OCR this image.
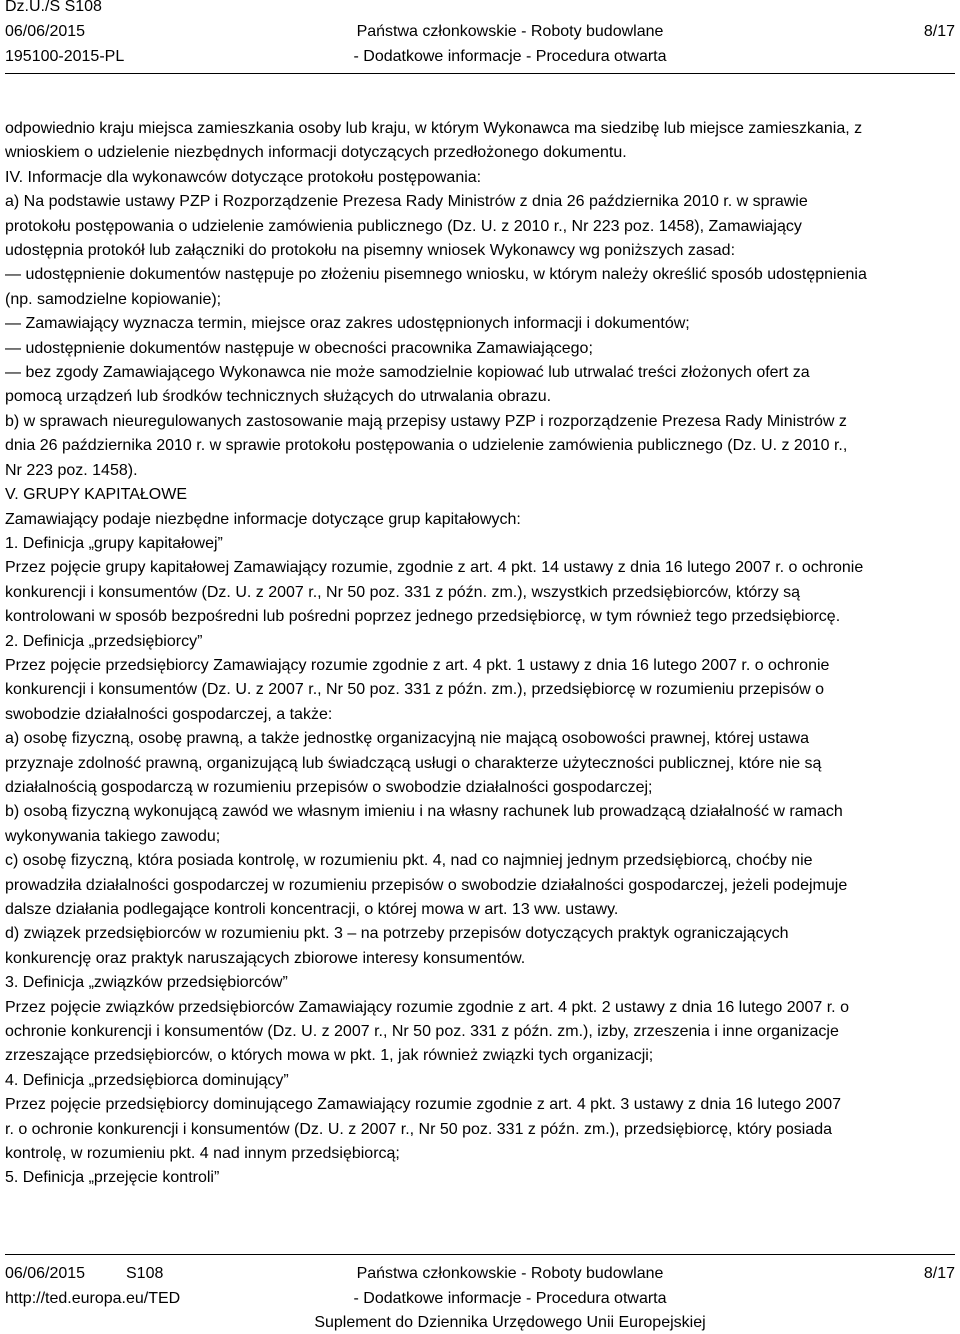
Dz.U./S S108
06/06/2015
195100-2015-PL
Państwa członkowskie - Roboty budowlane
- Dodatkowe informacje - Procedura otwarta
8/17
odpowiednio kraju miejsca zamieszkania osoby lub kraju, w którym Wykonawca ma siedzibę lub miejsce zamieszkania, z
wnioskiem o udzielenie niezbędnych informacji dotyczących przedłożonego dokumentu.
IV. Informacje dla wykonawców dotyczące protokołu postępowania:
a) Na podstawie ustawy PZP i Rozporządzenie Prezesa Rady Ministrów z dnia 26 października 2010 r. w sprawie
protokołu postępowania o udzielenie zamówienia publicznego (Dz. U. z 2010 r., Nr 223 poz. 1458), Zamawiający
udostępnia protokół lub załączniki do protokołu na pisemny wniosek Wykonawcy wg poniższych zasad:
— udostępnienie dokumentów następuje po złożeniu pisemnego wniosku, w którym należy określić sposób udostępnienia
(np. samodzielne kopiowanie);
— Zamawiający wyznacza termin, miejsce oraz zakres udostępnionych informacji i dokumentów;
— udostępnienie dokumentów następuje w obecności pracownika Zamawiającego;
— bez zgody Zamawiającego Wykonawca nie może samodzielnie kopiować lub utrwalać treści złożonych ofert za
pomocą urządzeń lub środków technicznych służących do utrwalania obrazu.
b) w sprawach nieuregulowanych zastosowanie mają przepisy ustawy PZP i rozporządzenie Prezesa Rady Ministrów z
dnia 26 października 2010 r. w sprawie protokołu postępowania o udzielenie zamówienia publicznego (Dz. U. z 2010 r.,
Nr 223 poz. 1458).
V. GRUPY KAPITAŁOWE
Zamawiający podaje niezbędne informacje dotyczące grup kapitałowych:
1. Definicja „grupy kapitałowej”
Przez pojęcie grupy kapitałowej Zamawiający rozumie, zgodnie z art. 4 pkt. 14 ustawy z dnia 16 lutego 2007 r. o ochronie
konkurencji i konsumentów (Dz. U. z 2007 r., Nr 50 poz. 331 z późn. zm.), wszystkich przedsiębiorców, którzy są
kontrolowani w sposób bezpośredni lub pośredni poprzez jednego przedsiębiorcę, w tym również tego przedsiębiorcę.
2. Definicja „przedsiębiorcy”
Przez pojęcie przedsiębiorcy Zamawiający rozumie zgodnie z art. 4 pkt. 1 ustawy z dnia 16 lutego 2007 r. o ochronie
konkurencji i konsumentów (Dz. U. z 2007 r., Nr 50 poz. 331 z późn. zm.), przedsiębiorcę w rozumieniu przepisów o
swobodzie działalności gospodarczej, a także:
a) osobę fizyczną, osobę prawną, a także jednostkę organizacyjną nie mającą osobowości prawnej, której ustawa
przyznaje zdolność prawną, organizującą lub świadczącą usługi o charakterze użyteczności publicznej, które nie są
działalnością gospodarczą w rozumieniu przepisów o swobodzie działalności gospodarczej;
b) osobą fizyczną wykonującą zawód we własnym imieniu i na własny rachunek lub prowadzącą działalność w ramach
wykonywania takiego zawodu;
c) osobę fizyczną, która posiada kontrolę, w rozumieniu pkt. 4, nad co najmniej jednym przedsiębiorcą, choćby nie
prowadziła działalności gospodarczej w rozumieniu przepisów o swobodzie działalności gospodarczej, jeżeli podejmuje
dalsze działania podlegające kontroli koncentracji, o której mowa w art. 13 ww. ustawy.
d) związek przedsiębiorców w rozumieniu pkt. 3 – na potrzeby przepisów dotyczących praktyk ograniczających
konkurencję oraz praktyk naruszających zbiorowe interesy konsumentów.
3. Definicja „związków przedsiębiorców”
Przez pojęcie związków przedsiębiorców Zamawiający rozumie zgodnie z art. 4 pkt. 2 ustawy z dnia 16 lutego 2007 r. o
ochronie konkurencji i konsumentów (Dz. U. z 2007 r., Nr 50 poz. 331 z późn. zm.), izby, zrzeszenia i inne organizacje
zrzeszające przedsiębiorców, o których mowa w pkt. 1, jak również związki tych organizacji;
4. Definicja „przedsiębiorca dominujący”
Przez pojęcie przedsiębiorcy dominującego Zamawiający rozumie zgodnie z art. 4 pkt. 3 ustawy z dnia 16 lutego 2007
r. o ochronie konkurencji i konsumentów (Dz. U. z 2007 r., Nr 50 poz. 331 z późn. zm.), przedsiębiorcę, który posiada
kontrolę, w rozumieniu pkt. 4 nad innym przedsiębiorcą;
5. Definicja „przejęcie kontroli”
06/06/2015	S108
http://ted.europa.eu/TED
Państwa członkowskie - Roboty budowlane
- Dodatkowe informacje - Procedura otwarta
Suplement do Dziennika Urzędowego Unii Europejskiej
8/17
